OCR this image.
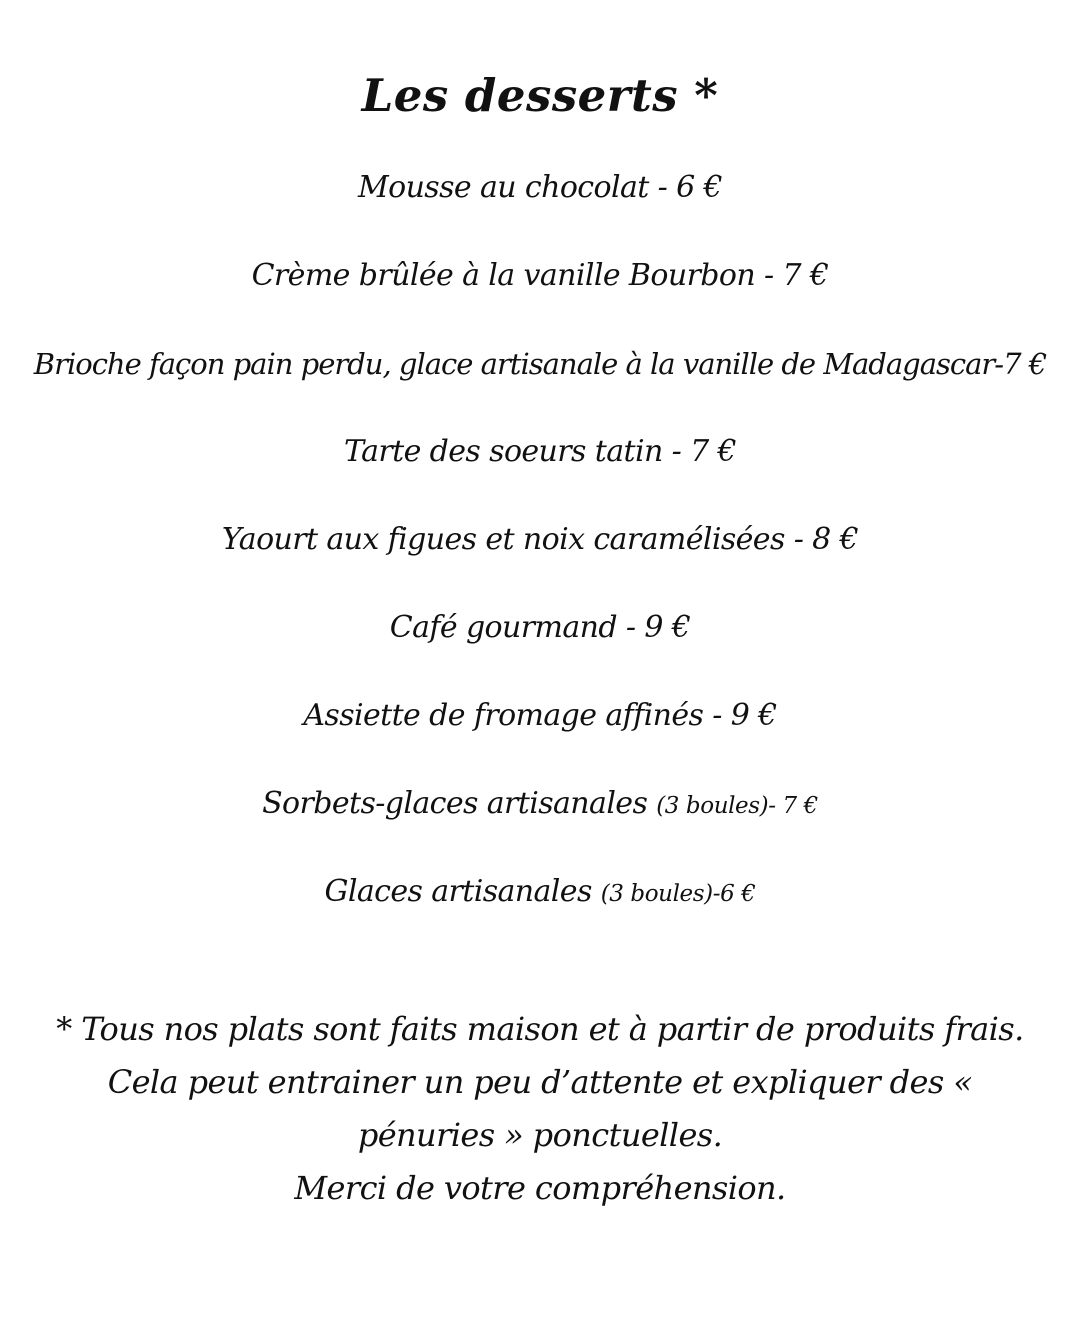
Les desserts *
Mousse au chocolat - 6 €
Crème brûlée à la vanille Bourbon - 7 €
Brioche façon pain perdu, glace artisanale à la vanille de Madagascar-7 €
Tarte des soeurs tatin - 7 €
Yaourt aux figues et noix caramélisées - 8 €
Café gourmand - 9 €
Assiette de fromage affinés - 9 €
Sorbets-glaces artisanales (3 boules)- 7 €
Glaces artisanales (3 boules)-6 €
* Tous nos plats sont faits maison et à partir de produits frais.
Cela peut entrainer un peu d’attente et expliquer des «
pénuries » ponctuelles.
Merci de votre compréhension.
